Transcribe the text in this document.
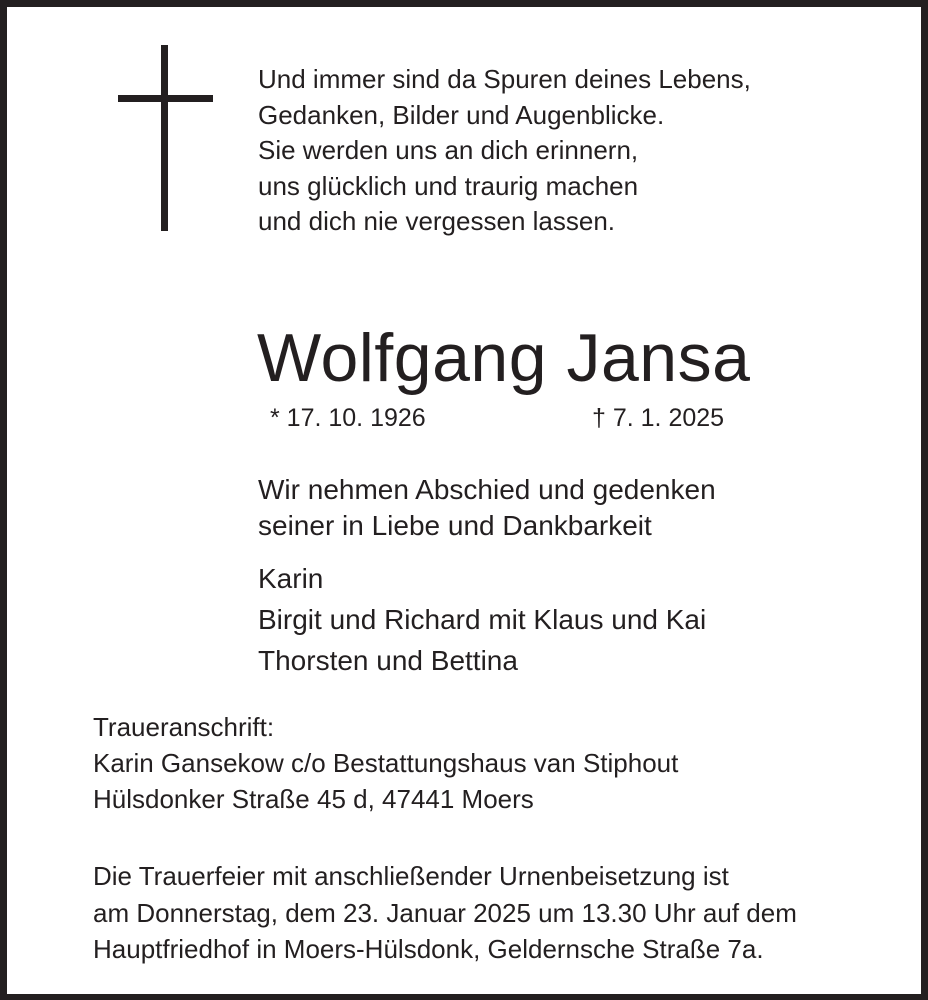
Und immer sind da Spuren deines Lebens,
Gedanken, Bilder und Augenblicke.
Sie werden uns an dich erinnern,
uns glücklich und traurig machen
und dich nie vergessen lassen.
Wolfgang Jansa
* 17. 10. 1926	† 7. 1. 2025
Wir nehmen Abschied und gedenken
seiner in Liebe und Dankbarkeit
Karin
Birgit und Richard mit Klaus und Kai
Thorsten und Bettina
Traueranschrift:
Karin Gansekow c/o Bestattungshaus van Stiphout
Hülsdonker Straße 45 d, 47441 Moers
Die Trauerfeier mit anschließender Urnenbeisetzung ist
am Donnerstag, dem 23. Januar 2025 um 13.30 Uhr auf dem
Hauptfriedhof in Moers-Hülsdonk, Geldernsche Straße 7a.
